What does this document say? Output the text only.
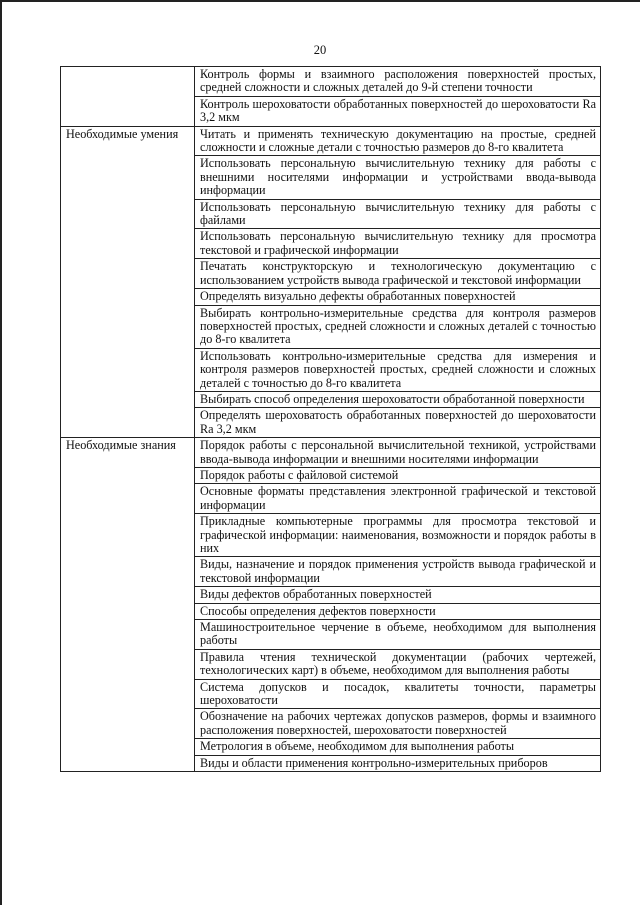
20
	Контроль формы и взаимного расположения поверхностей простых, средней сложности и сложных деталей до 9-й степени точности
	Контроль шероховатости обработанных поверхностей до шероховатости Ra 3,2 мкм
Необходимые умения	Читать и применять техническую документацию на простые, средней сложности и сложные детали с точностью размеров до 8-го квалитета
	Использовать персональную вычислительную технику для работы с внешними носителями информации и устройствами ввода-вывода информации
	Использовать персональную вычислительную технику для работы с файлами
	Использовать персональную вычислительную технику для просмотра текстовой и графической информации
	Печатать конструкторскую и технологическую документацию с использованием устройств вывода графической и текстовой информации
	Определять визуально дефекты обработанных поверхностей
	Выбирать контрольно-измерительные средства для контроля размеров поверхностей простых, средней сложности и сложных деталей с точностью до 8-го квалитета
	Использовать контрольно-измерительные средства для измерения и контроля размеров поверхностей простых, средней сложности и сложных деталей с точностью до 8-го квалитета
	Выбирать способ определения шероховатости обработанной поверхности
	Определять шероховатость обработанных поверхностей до шероховатости Ra 3,2 мкм
Необходимые знания	Порядок работы с персональной вычислительной техникой, устройствами ввода-вывода информации и внешними носителями информации
	Порядок работы с файловой системой
	Основные форматы представления электронной графической и текстовой информации
	Прикладные компьютерные программы для просмотра текстовой и графической информации: наименования, возможности и порядок работы в них
	Виды, назначение и порядок применения устройств вывода графической и текстовой информации
	Виды дефектов обработанных поверхностей
	Способы определения дефектов поверхности
	Машиностроительное черчение в объеме, необходимом для выполнения работы
	Правила чтения технической документации (рабочих чертежей, технологических карт) в объеме, необходимом для выполнения работы
	Система допусков и посадок, квалитеты точности, параметры шероховатости
	Обозначение на рабочих чертежах допусков размеров, формы и взаимного расположения поверхностей, шероховатости поверхностей
	Метрология в объеме, необходимом для выполнения работы
	Виды и области применения контрольно-измерительных приборов
